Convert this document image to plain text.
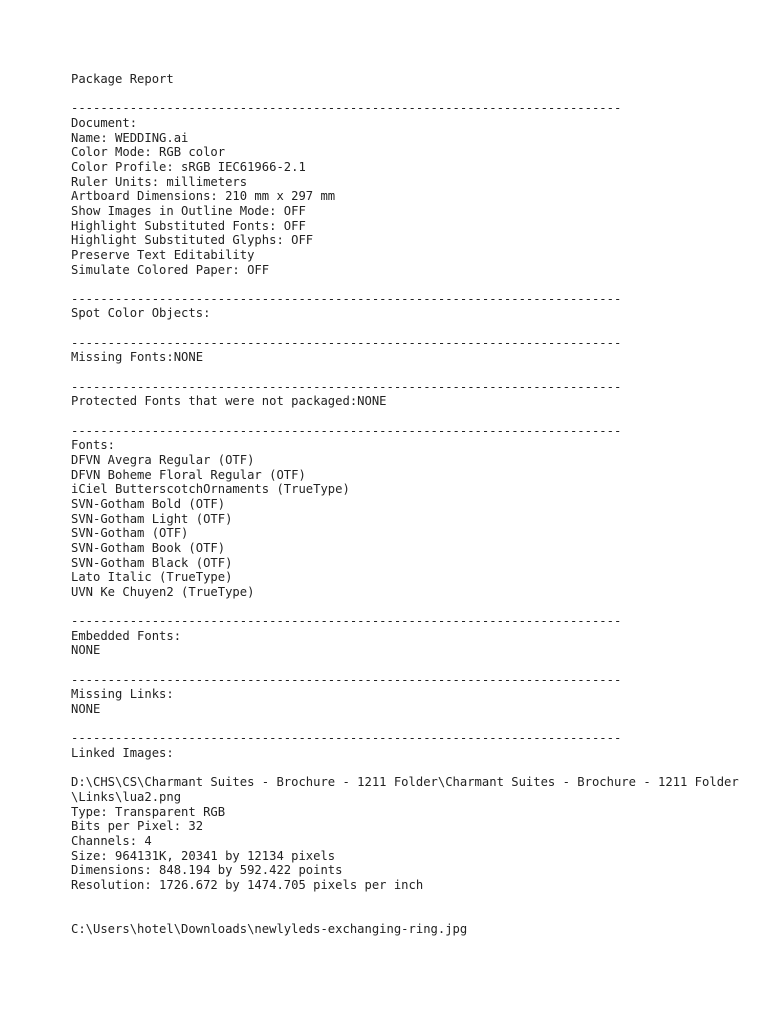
Package Report
---------------------------------------------------------------------------
Document:
Name: WEDDING.ai
Color Mode: RGB color
Color Profile: sRGB IEC61966-2.1
Ruler Units: millimeters
Artboard Dimensions: 210 mm x 297 mm
Show Images in Outline Mode: OFF
Highlight Substituted Fonts: OFF
Highlight Substituted Glyphs: OFF
Preserve Text Editability
Simulate Colored Paper: OFF
---------------------------------------------------------------------------
Spot Color Objects:
---------------------------------------------------------------------------
Missing Fonts:NONE
---------------------------------------------------------------------------
Protected Fonts that were not packaged:NONE
---------------------------------------------------------------------------
Fonts:
DFVN Avegra Regular (OTF)
DFVN Boheme Floral Regular (OTF)
iCiel ButterscotchOrnaments (TrueType)
SVN-Gotham Bold (OTF)
SVN-Gotham Light (OTF)
SVN-Gotham (OTF)
SVN-Gotham Book (OTF)
SVN-Gotham Black (OTF)
Lato Italic (TrueType)
UVN Ke Chuyen2 (TrueType)
---------------------------------------------------------------------------
Embedded Fonts:
NONE
---------------------------------------------------------------------------
Missing Links:
NONE
---------------------------------------------------------------------------
Linked Images:
D:\CHS\CS\Charmant Suites - Brochure - 1211 Folder\Charmant Suites - Brochure - 1211 Folder\Links\lua2.png
Type: Transparent RGB
Bits per Pixel: 32
Channels: 4
Size: 964131K, 20341 by 12134 pixels
Dimensions: 848.194 by 592.422 points
Resolution: 1726.672 by 1474.705 pixels per inch
C:\Users\hotel\Downloads\newlyleds-exchanging-ring.jpg
